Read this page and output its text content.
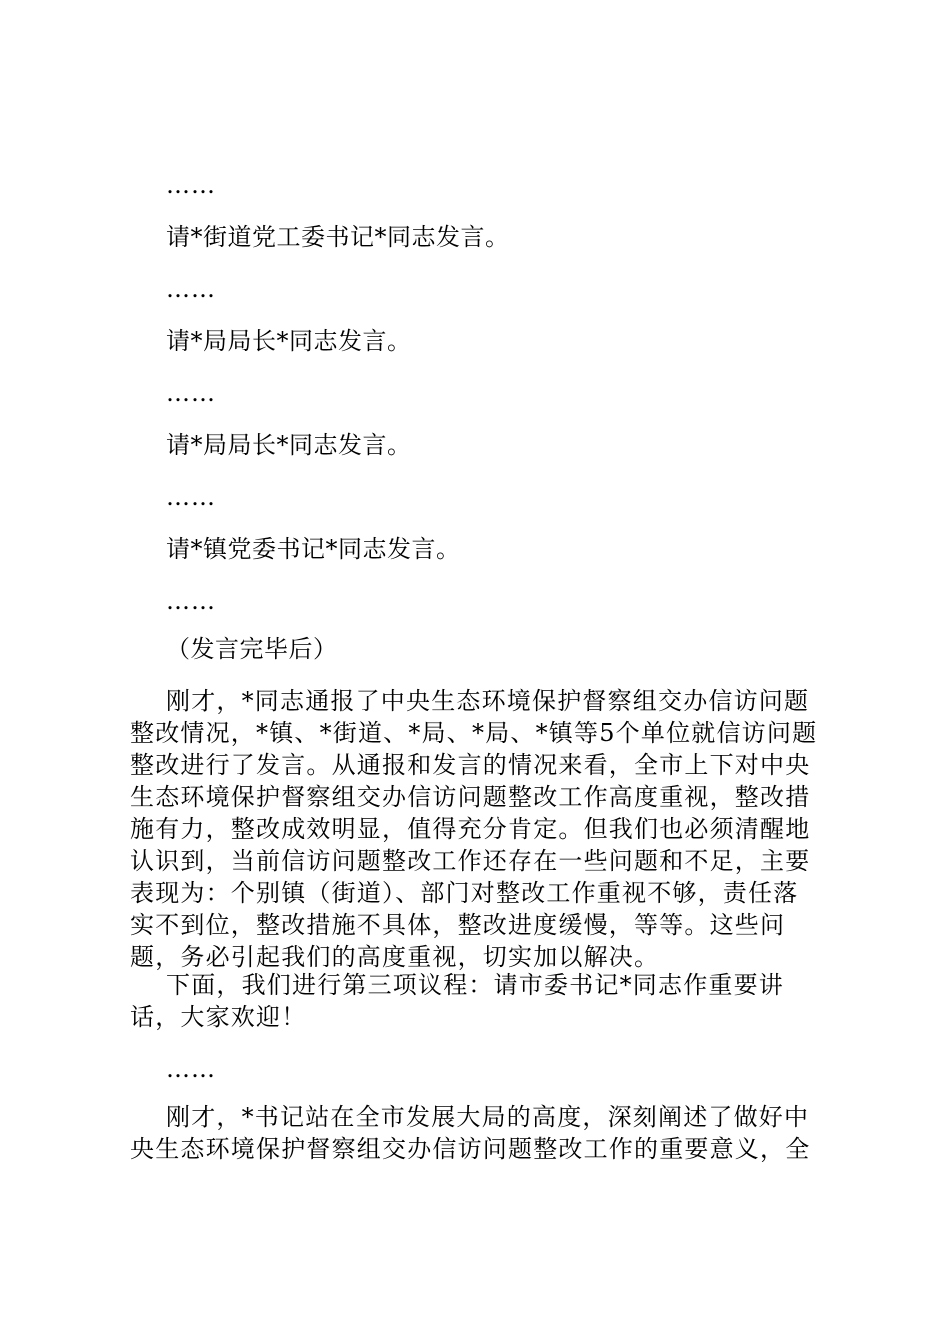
……
请*街道党工委书记*同志发言。
……
请*局局长*同志发言。
……
请*局局长*同志发言。
……
请*镇党委书记*同志发言。
……
（发言完毕后）
刚才，*同志通报了中央生态环境保护督察组交办信访问题
整改情况，*镇、*街道、*局、*局、*镇等5个单位就信访问题
整改进行了发言。从通报和发言的情况来看，全市上下对中央
生态环境保护督察组交办信访问题整改工作高度重视，整改措
施有力，整改成效明显，值得充分肯定。但我们也必须清醒地
认识到，当前信访问题整改工作还存在一些问题和不足，主要
表现为：个别镇（街道）、部门对整改工作重视不够，责任落
实不到位，整改措施不具体，整改进度缓慢，等等。这些问
题，务必引起我们的高度重视，切实加以解决。
下面，我们进行第三项议程：请市委书记*同志作重要讲
话，大家欢迎！
……
刚才，*书记站在全市发展大局的高度，深刻阐述了做好中
央生态环境保护督察组交办信访问题整改工作的重要意义，全
